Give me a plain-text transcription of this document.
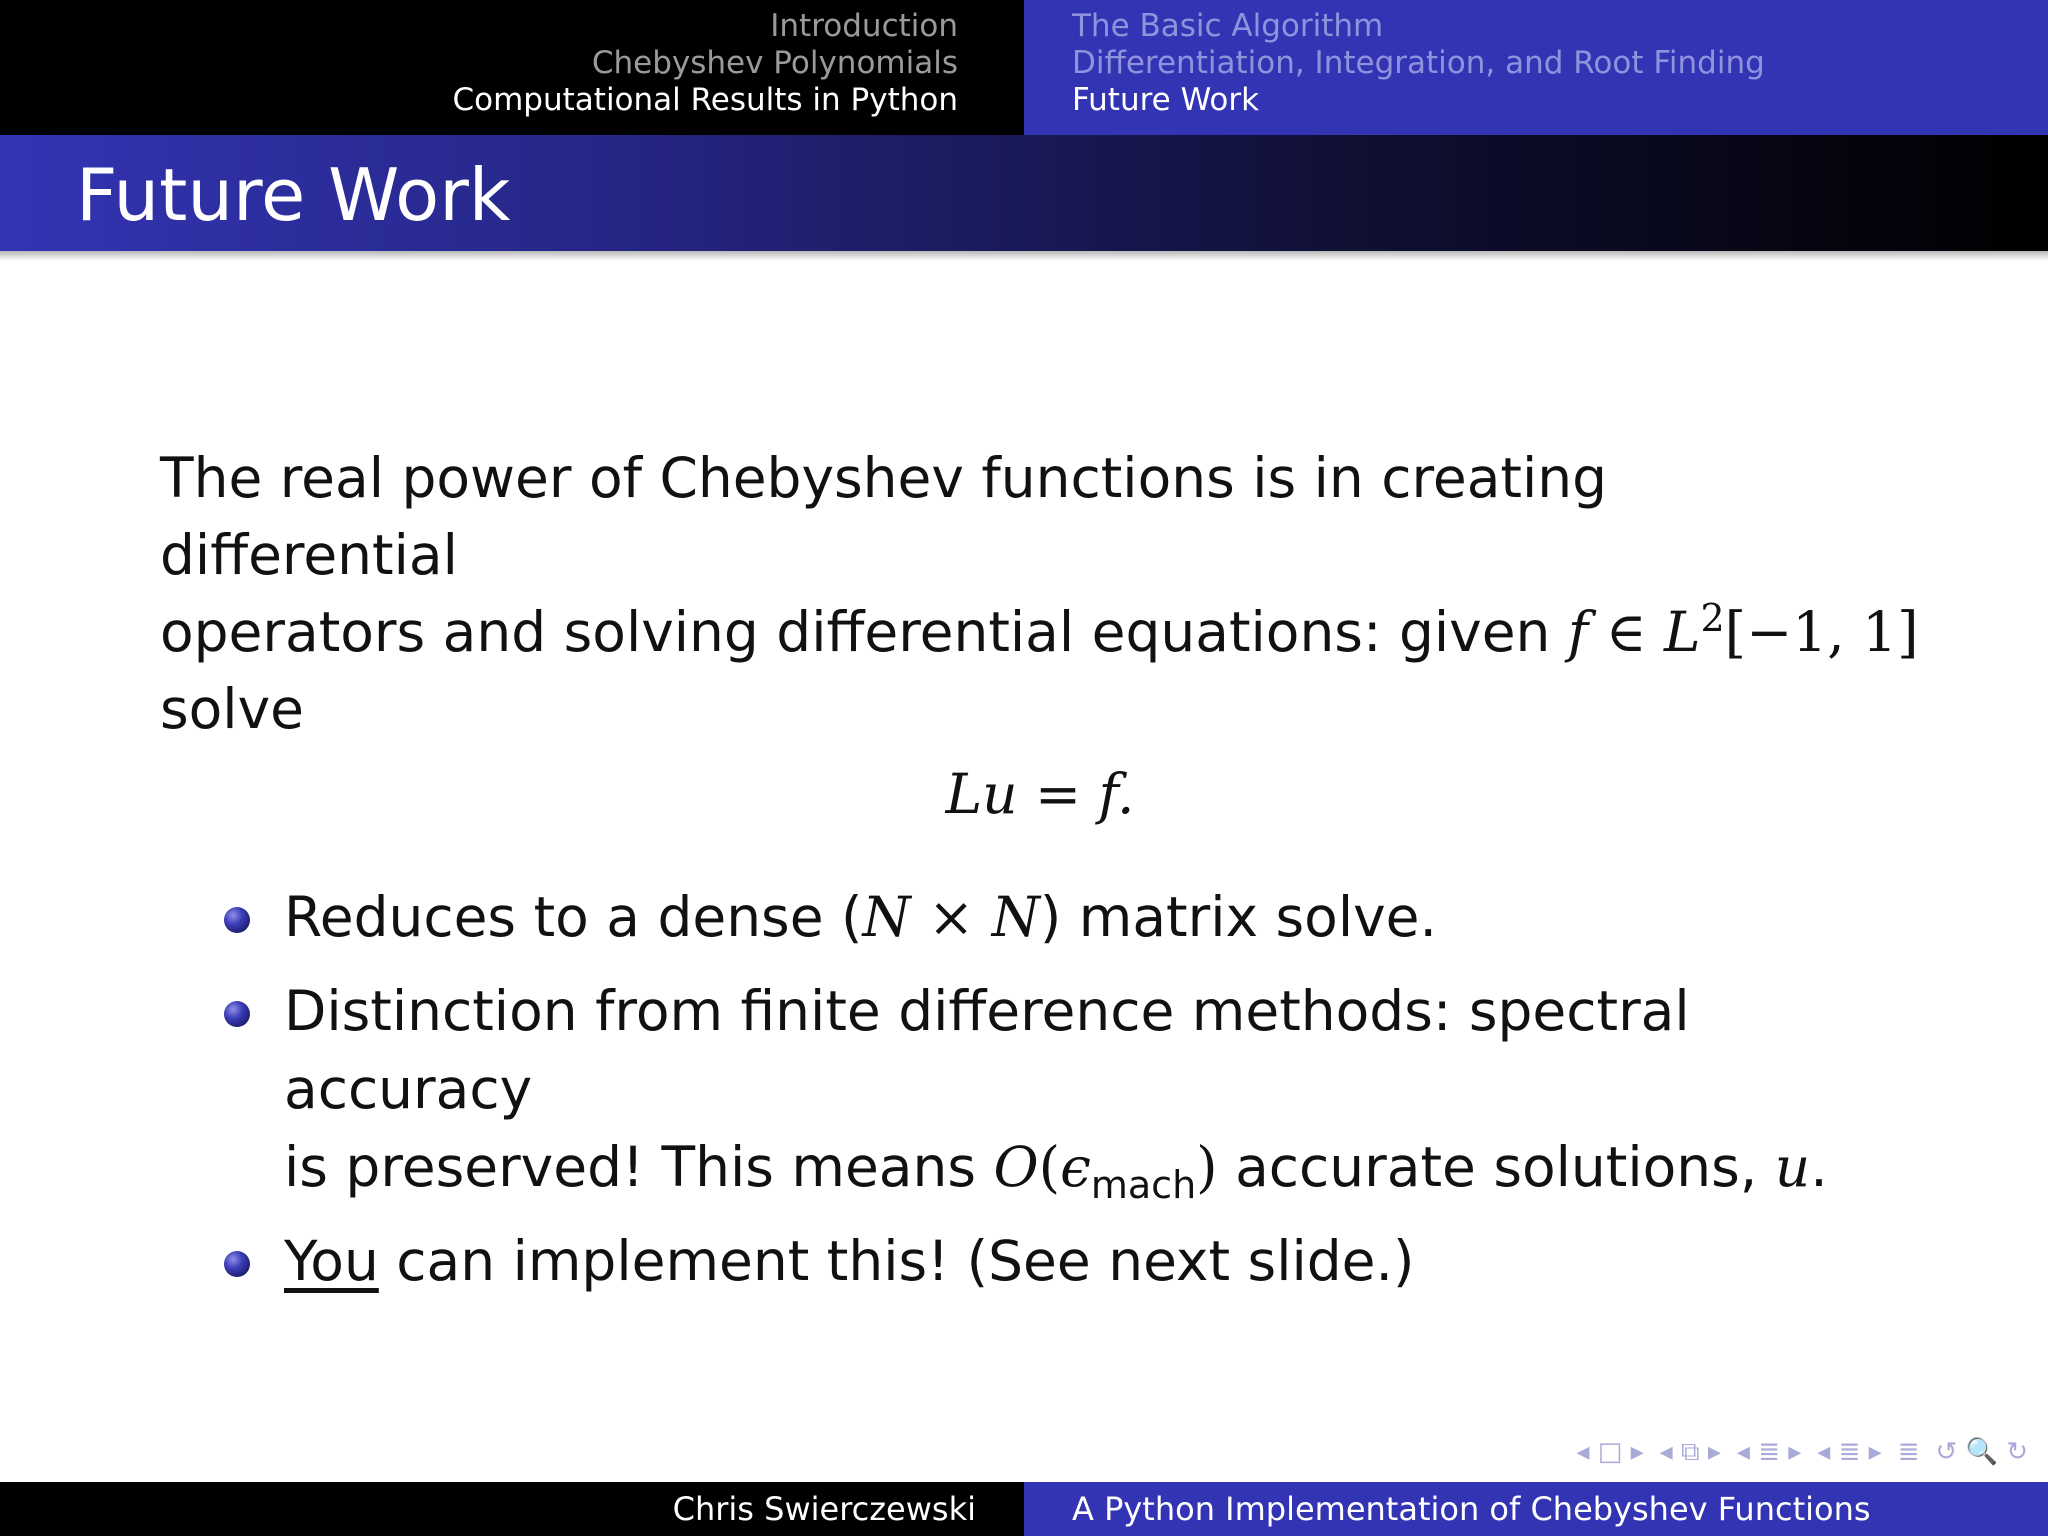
Introduction
Chebyshev Polynomials
Computational Results in Python
The Basic Algorithm
Differentiation, Integration, and Root Finding
Future Work
Future Work

The real power of Chebyshev functions is in creating differential
operators and solving differential equations: given f ∈ $L^2[-1$, 1]
solve

Lu = f.
Reduces to a dense (N × N) matrix solve.
Distinction from finite difference methods: spectral accuracy
is preserved! This means $O(\epsilon_{mach})$ accurate solutions, u.
You can implement this! (See next slide.)
◂ □ ▸ ◂ ⧉ ▸ ◂ ≣ ▸ ◂ ≣ ▸ ≣ ↺ 🔍 ↻
Chris Swierczewski	A Python Implementation of Chebyshev Functions
